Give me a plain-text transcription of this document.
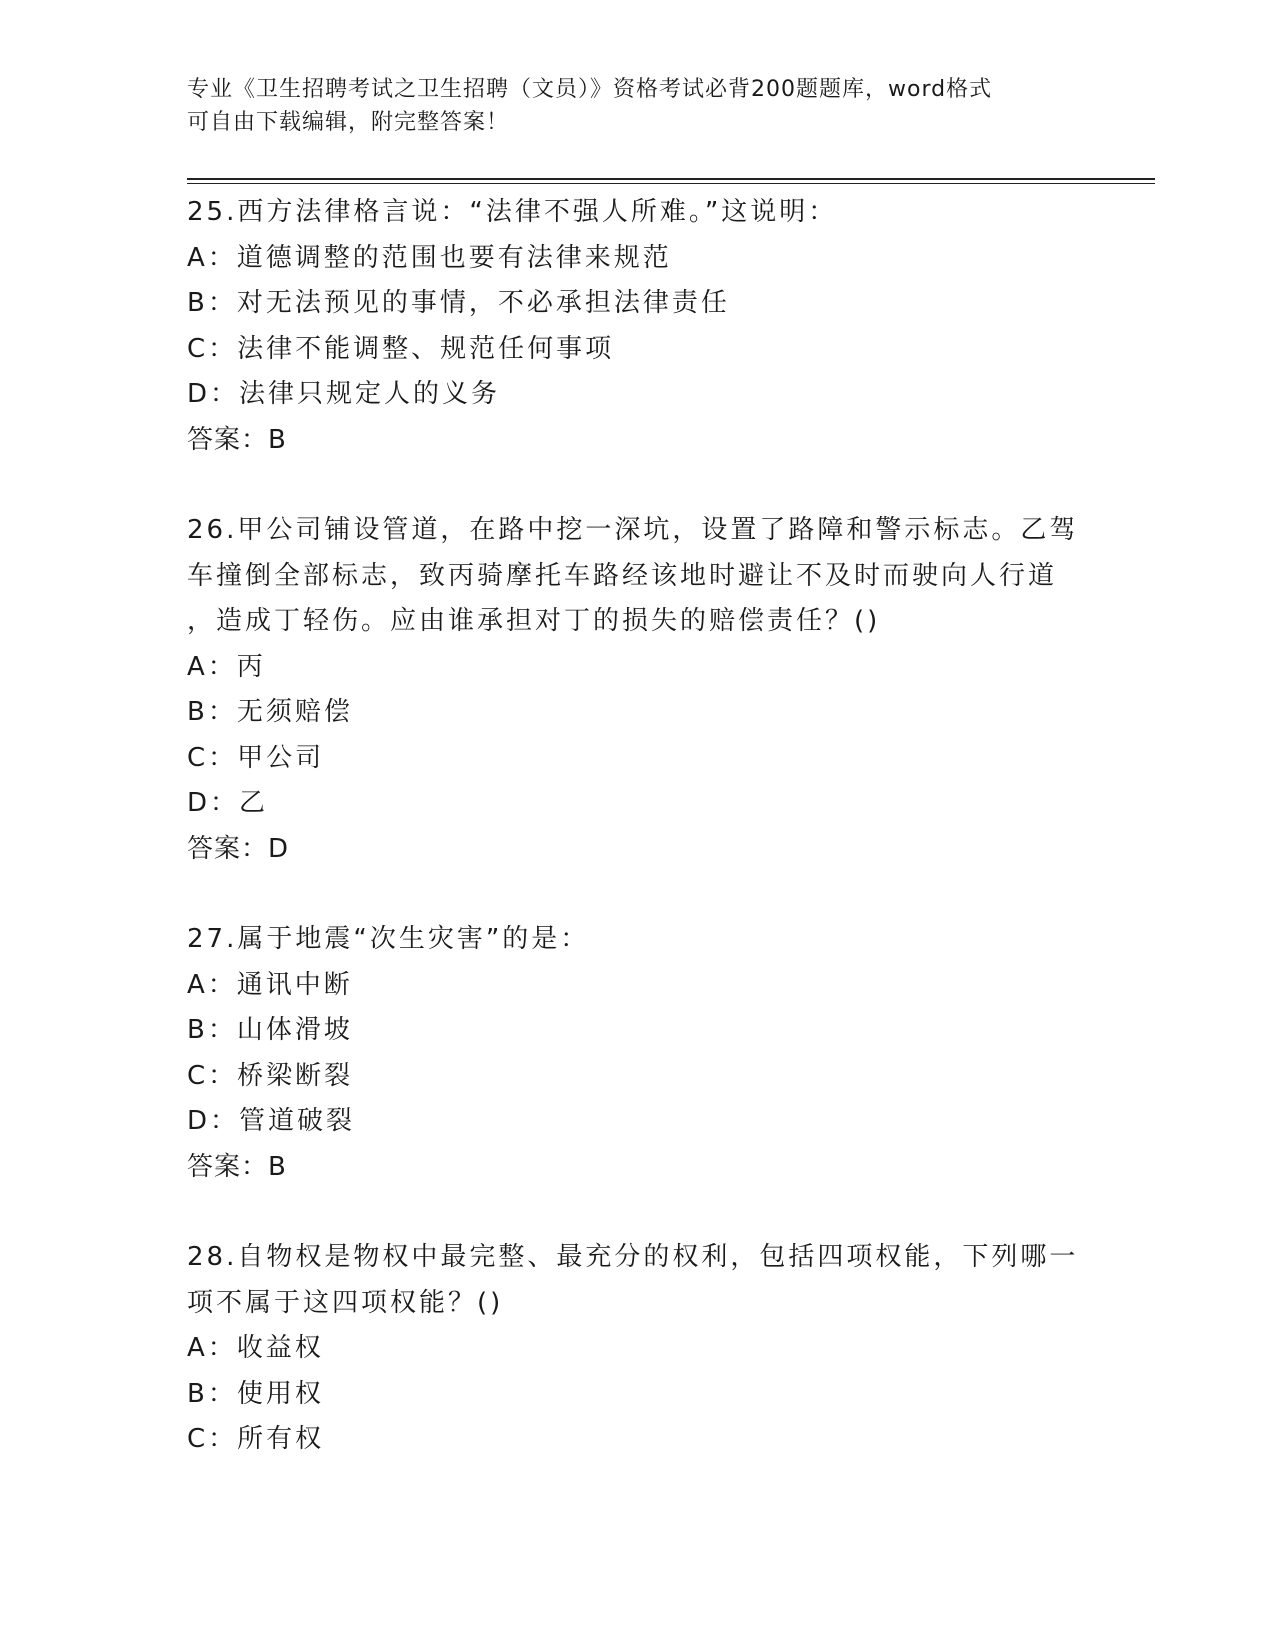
专业《卫生招聘考试之卫生招聘（文员）》资格考试必背200题题库，word格式
可自由下载编辑，附完整答案！
25.西方法律格言说：“法律不强人所难。”这说明：
A：道德调整的范围也要有法律来规范
B：对无法预见的事情，不必承担法律责任
C：法律不能调整、规范任何事项
D：法律只规定人的义务
答案：B
26.甲公司铺设管道，在路中挖一深坑，设置了路障和警示标志。乙驾
车撞倒全部标志，致丙骑摩托车路经该地时避让不及时而驶向人行道
，造成丁轻伤。应由谁承担对丁的损失的赔偿责任？()
A：丙
B：无须赔偿
C：甲公司
D：乙
答案：D
27.属于地震“次生灾害”的是：
A：通讯中断
B：山体滑坡
C：桥梁断裂
D：管道破裂
答案：B
28.自物权是物权中最完整、最充分的权利，包括四项权能，下列哪一
项不属于这四项权能？()
A：收益权
B：使用权
C：所有权
